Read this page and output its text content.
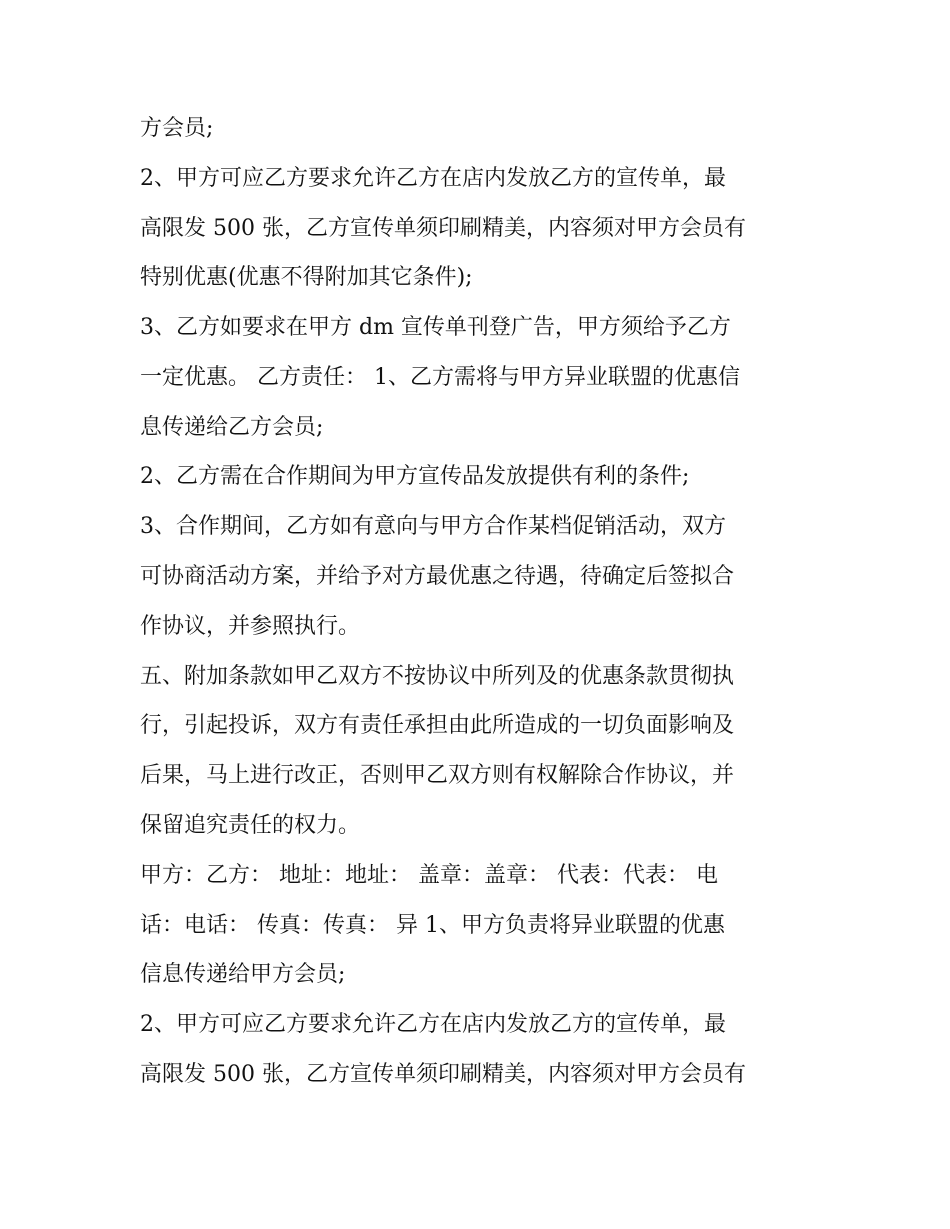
方会员;
2、甲方可应乙方要求允许乙方在店内发放乙方的宣传单，最
高限发 500 张，乙方宣传单须印刷精美，内容须对甲方会员有
特别优惠(优惠不得附加其它条件);
3、乙方如要求在甲方 dm 宣传单刊登广告，甲方须给予乙方
一定优惠。 乙方责任： 1、乙方需将与甲方异业联盟的优惠信
息传递给乙方会员;
2、乙方需在合作期间为甲方宣传品发放提供有利的条件;
3、合作期间，乙方如有意向与甲方合作某档促销活动，双方
可协商活动方案，并给予对方最优惠之待遇，待确定后签拟合
作协议，并参照执行。
五、附加条款如甲乙双方不按协议中所列及的优惠条款贯彻执
行，引起投诉，双方有责任承担由此所造成的一切负面影响及
后果，马上进行改正，否则甲乙双方则有权解除合作协议，并
保留追究责任的权力。
甲方：乙方： 地址：地址： 盖章：盖章： 代表：代表： 电
话：电话： 传真：传真： 异 1、甲方负责将异业联盟的优惠
信息传递给甲方会员;
2、甲方可应乙方要求允许乙方在店内发放乙方的宣传单，最
高限发 500 张，乙方宣传单须印刷精美，内容须对甲方会员有
